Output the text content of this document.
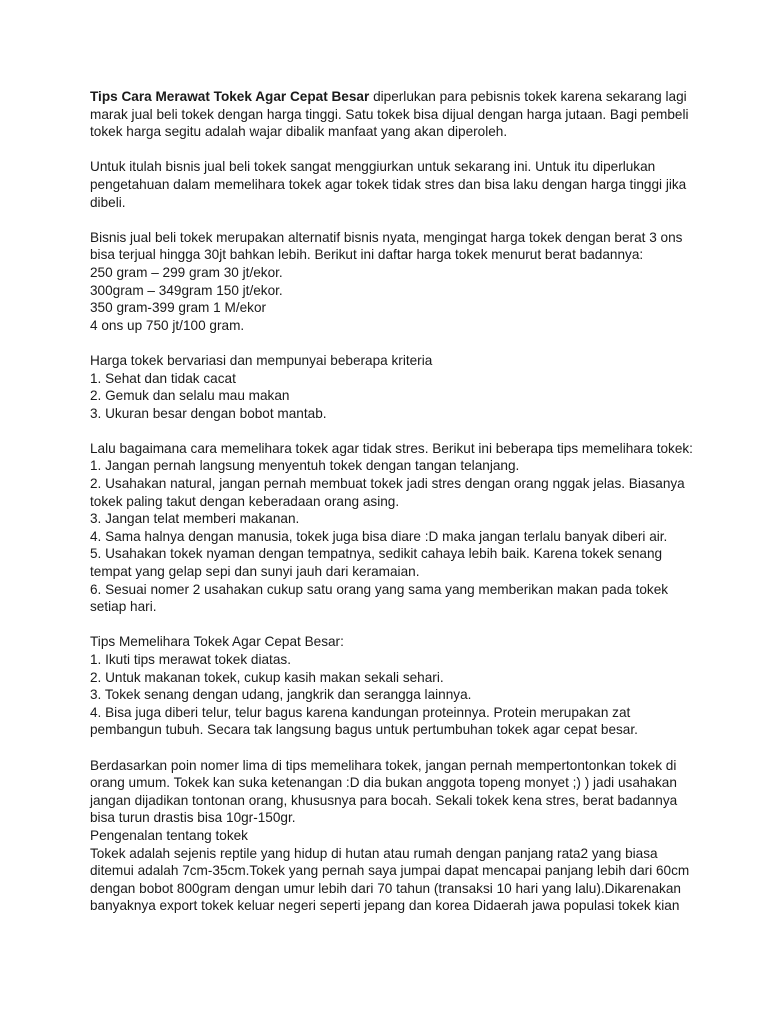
Tips Cara Merawat Tokek Agar Cepat Besar diperlukan para pebisnis tokek karena sekarang lagi
marak jual beli tokek dengan harga tinggi. Satu tokek bisa dijual dengan harga jutaan. Bagi pembeli
tokek harga segitu adalah wajar dibalik manfaat yang akan diperoleh.
Untuk itulah bisnis jual beli tokek sangat menggiurkan untuk sekarang ini. Untuk itu diperlukan
pengetahuan dalam memelihara tokek agar tokek tidak stres dan bisa laku dengan harga tinggi jika
dibeli.
Bisnis jual beli tokek merupakan alternatif bisnis nyata, mengingat harga tokek dengan berat 3 ons
bisa terjual hingga 30jt bahkan lebih. Berikut ini daftar harga tokek menurut berat badannya:
250 gram – 299 gram 30 jt/ekor.
300gram – 349gram 150 jt/ekor.
350 gram-399 gram 1 M/ekor
4 ons up 750 jt/100 gram.
Harga tokek bervariasi dan mempunyai beberapa kriteria
1. Sehat dan tidak cacat
2. Gemuk dan selalu mau makan
3. Ukuran besar dengan bobot mantab.
Lalu bagaimana cara memelihara tokek agar tidak stres. Berikut ini beberapa tips memelihara tokek:
1. Jangan pernah langsung menyentuh tokek dengan tangan telanjang.
2. Usahakan natural, jangan pernah membuat tokek jadi stres dengan orang nggak jelas. Biasanya
tokek paling takut dengan keberadaan orang asing.
3. Jangan telat memberi makanan.
4. Sama halnya dengan manusia, tokek juga bisa diare :D maka jangan terlalu banyak diberi air.
5. Usahakan tokek nyaman dengan tempatnya, sedikit cahaya lebih baik. Karena tokek senang
tempat yang gelap sepi dan sunyi jauh dari keramaian.
6. Sesuai nomer 2 usahakan cukup satu orang yang sama yang memberikan makan pada tokek
setiap hari.
Tips Memelihara Tokek Agar Cepat Besar:
1. Ikuti tips merawat tokek diatas.
2. Untuk makanan tokek, cukup kasih makan sekali sehari.
3. Tokek senang dengan udang, jangkrik dan serangga lainnya.
4. Bisa juga diberi telur, telur bagus karena kandungan proteinnya. Protein merupakan zat
pembangun tubuh. Secara tak langsung bagus untuk pertumbuhan tokek agar cepat besar.
Berdasarkan poin nomer lima di tips memelihara tokek, jangan pernah mempertontonkan tokek di
orang umum. Tokek kan suka ketenangan :D dia bukan anggota topeng monyet ;) ) jadi usahakan
jangan dijadikan tontonan orang, khususnya para bocah. Sekali tokek kena stres, berat badannya
bisa turun drastis bisa 10gr-150gr.
Pengenalan tentang tokek
Tokek adalah sejenis reptile yang hidup di hutan atau rumah dengan panjang rata2 yang biasa
ditemui adalah 7cm-35cm.Tokek yang pernah saya jumpai dapat mencapai panjang lebih dari 60cm
dengan bobot 800gram dengan umur lebih dari 70 tahun (transaksi 10 hari yang lalu).Dikarenakan
banyaknya export tokek keluar negeri seperti jepang dan korea Didaerah jawa populasi tokek kian
